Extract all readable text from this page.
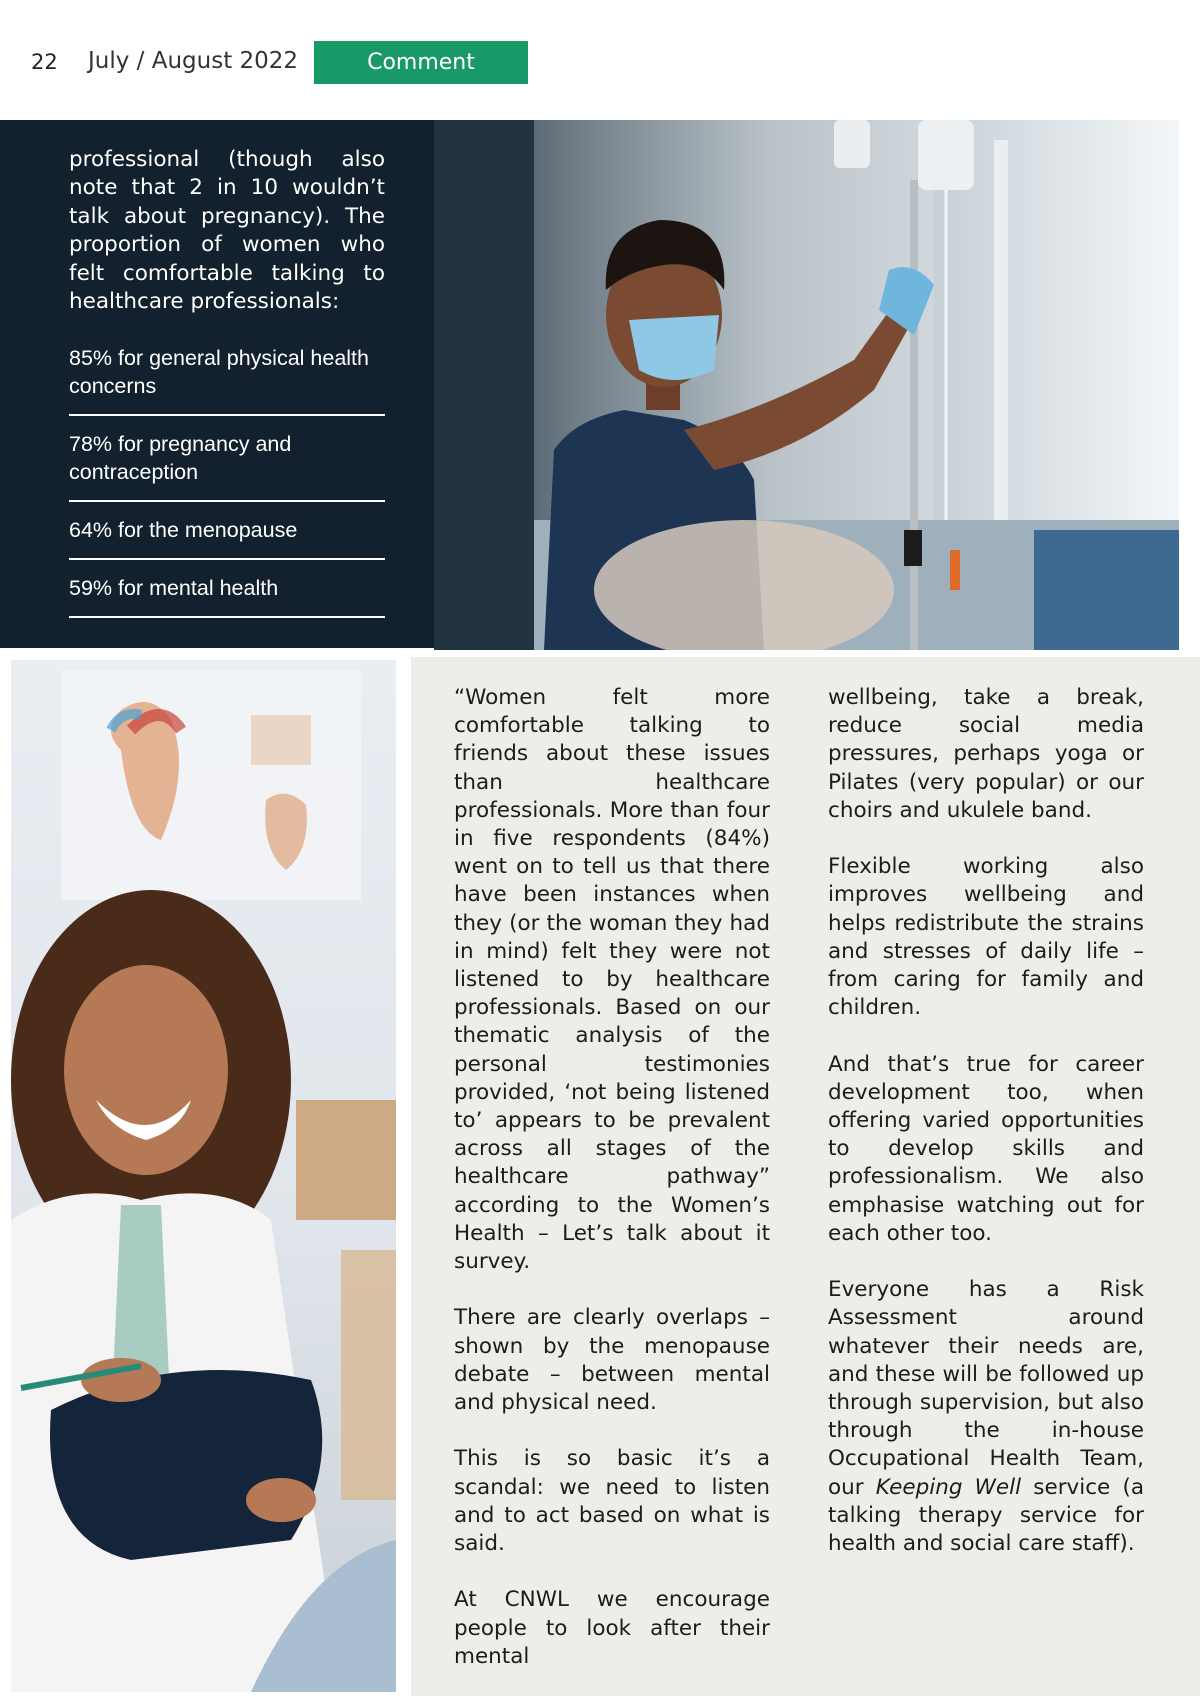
22 July / August 2022	Comment

professional (though also note that 2 in 10 wouldn’t talk about pregnancy). The proportion of women who felt comfortable talking to healthcare professionals:

85% for general physical health concerns
78% for pregnancy and contraception
64% for the menopause
59% for mental health

“Women felt more comfortable talking to friends about these issues than healthcare professionals. More than four in five respondents (84%) went on to tell us that there have been instances when they (or the woman they had in mind) felt they were not listened to by healthcare professionals. Based on our thematic analysis of the personal testimonies provided, ‘not being listened to’ appears to be prevalent across all stages of the healthcare pathway” according to the Women’s Health – Let’s talk about it survey.

There are clearly overlaps – shown by the menopause debate – between mental and physical need.

This is so basic it’s a scandal: we need to listen and to act based on what is said.

At CNWL we encourage people to look after their mental

wellbeing, take a break, reduce social media pressures, perhaps yoga or Pilates (very popular) or our choirs and ukulele band.

Flexible working also improves wellbeing and helps redistribute the strains and stresses of daily life – from caring for family and children.

And that’s true for career development too, when offering varied opportunities to develop skills and professionalism. We also emphasise watching out for each other too.

Everyone has a Risk Assessment around whatever their needs are, and these will be followed up through supervision, but also through the in-house Occupational Health Team, our Keeping Well service (a talking therapy service for health and social care staff).
